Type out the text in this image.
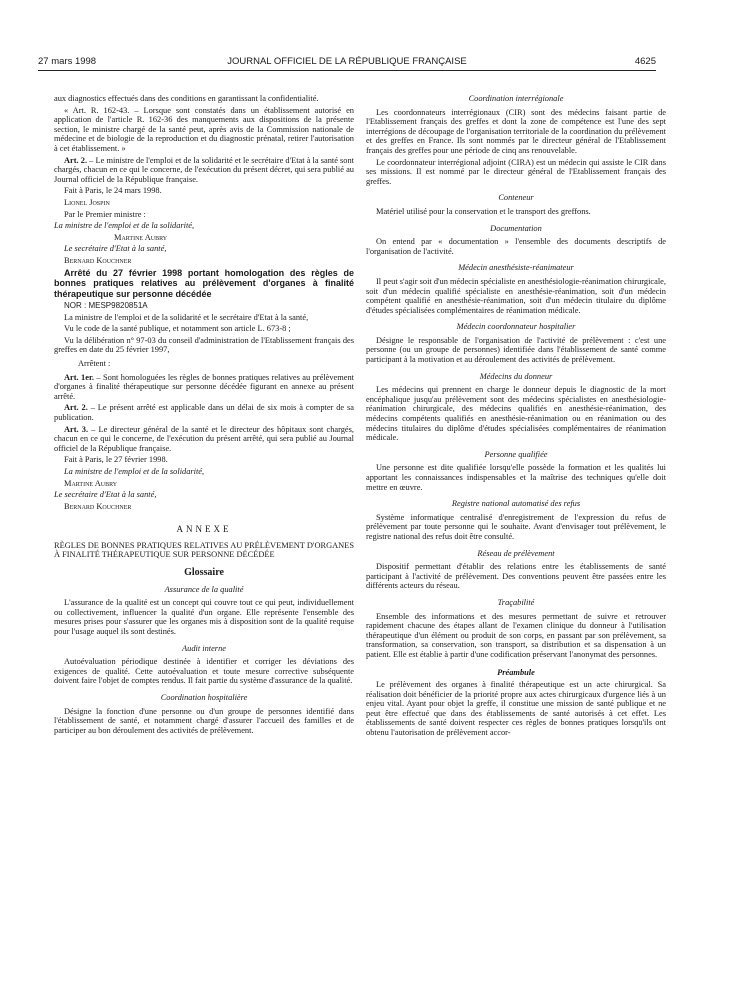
27 mars 1998	JOURNAL OFFICIEL DE LA RÉPUBLIQUE FRANÇAISE	4625

aux diagnostics effectués dans des conditions en garantissant la confidentialité.

« Art. R. 162-43. – Lorsque sont constatés dans un établissement autorisé en application de l'article R. 162-36 des manquements aux dispositions de la présente section, le ministre chargé de la santé peut, après avis de la Commission nationale de médecine et de biologie de la reproduction et du diagnostic prénatal, retirer l'autorisation à cet établissement. »

Art. 2. – Le ministre de l'emploi et de la solidarité et le secrétaire d'Etat à la santé sont chargés, chacun en ce qui le concerne, de l'exécution du présent décret, qui sera publié au Journal officiel de la République française.

Fait à Paris, le 24 mars 1998.

Lionel Jospin

Par le Premier ministre :

La ministre de l'emploi et de la solidarité,

Martine Aubry

Le secrétaire d'Etat à la santé,

Bernard Kouchner

Arrêté du 27 février 1998 portant homologation des règles de bonnes pratiques relatives au prélèvement d'organes à finalité thérapeutique sur personne décédée

NOR : MESP9820851A

La ministre de l'emploi et de la solidarité et le secrétaire d'Etat à la santé,

Vu le code de la santé publique, et notamment son article L. 673-8 ;

Vu la délibération n° 97-03 du conseil d'administration de l'Etablissement français des greffes en date du 25 février 1997,

Arrêtent :

Art. 1er. – Sont homologuées les règles de bonnes pratiques relatives au prélèvement d'organes à finalité thérapeutique sur personne décédée figurant en annexe au présent arrêté.

Art. 2. – Le présent arrêté est applicable dans un délai de six mois à compter de sa publication.

Art. 3. – Le directeur général de la santé et le directeur des hôpitaux sont chargés, chacun en ce qui le concerne, de l'exécution du présent arrêté, qui sera publié au Journal officiel de la République française.

Fait à Paris, le 27 février 1998.

La ministre de l'emploi et de la solidarité,

Martine Aubry

Le secrétaire d'Etat à la santé,

Bernard Kouchner

ANNEXE
RÈGLES DE BONNES PRATIQUES RELATIVES AU PRÉLÈVEMENT D'ORGANES À FINALITÉ THÉRAPEUTIQUE SUR PERSONNE DÉCÉDÉE
Glossaire
Assurance de la qualité

L'assurance de la qualité est un concept qui couvre tout ce qui peut, individuellement ou collectivement, influencer la qualité d'un organe. Elle représente l'ensemble des mesures prises pour s'assurer que les organes mis à disposition sont de la qualité requise pour l'usage auquel ils sont destinés.

Audit interne

Autoévaluation périodique destinée à identifier et corriger les déviations des exigences de qualité. Cette autoévaluation et toute mesure corrective subséquente doivent faire l'objet de comptes rendus. Il fait partie du système d'assurance de la qualité.

Coordination hospitalière

Désigne la fonction d'une personne ou d'un groupe de personnes identifié dans l'établissement de santé, et notamment chargé d'assurer l'accueil des familles et de participer au bon déroulement des activités de prélèvement.

Coordination interrégionale

Les coordonnateurs interrégionaux (CIR) sont des médecins faisant partie de l'Etablissement français des greffes et dont la zone de compétence est l'une des sept interrégions de découpage de l'organisation territoriale de la coordination du prélèvement et des greffes en France. Ils sont nommés par le directeur général de l'Etablissement français des greffes pour une période de cinq ans renouvelable.

Le coordonnateur interrégional adjoint (CIRA) est un médecin qui assiste le CIR dans ses missions. Il est nommé par le directeur général de l'Etablissement français des greffes.

Conteneur

Matériel utilisé pour la conservation et le transport des greffons.

Documentation

On entend par « documentation » l'ensemble des documents descriptifs de l'organisation de l'activité.

Médecin anesthésiste-réanimateur

Il peut s'agir soit d'un médecin spécialiste en anesthésiologie-réanimation chirurgicale, soit d'un médecin qualifié spécialiste en anesthésie-réanimation, soit d'un médecin compétent qualifié en anesthésie-réanimation, soit d'un médecin titulaire du diplôme d'études spécialisées complémentaires de réanimation médicale.

Médecin coordonnateur hospitalier

Désigne le responsable de l'organisation de l'activité de prélèvement : c'est une personne (ou un groupe de personnes) identifiée dans l'établissement de santé comme participant à la motivation et au déroulement des activités de prélèvement.

Médecins du donneur

Les médecins qui prennent en charge le donneur depuis le diagnostic de la mort encéphalique jusqu'au prélèvement sont des médecins spécialistes en anesthésiologie-réanimation chirurgicale, des médecins qualifiés en anesthésie-réanimation, des médecins compétents qualifiés en anesthésie-réanimation ou en réanimation ou des médecins titulaires du diplôme d'études spécialisées complémentaires de réanimation médicale.

Personne qualifiée

Une personne est dite qualifiée lorsqu'elle possède la formation et les qualités lui apportant les connaissances indispensables et la maîtrise des techniques qu'elle doit mettre en œuvre.

Registre national automatisé des refus

Système informatique centralisé d'enregistrement de l'expression du refus de prélèvement par toute personne qui le souhaite. Avant d'envisager tout prélèvement, le registre national des refus doit être consulté.

Réseau de prélèvement

Dispositif permettant d'établir des relations entre les établissements de santé participant à l'activité de prélèvement. Des conventions peuvent être passées entre les différents acteurs du réseau.

Traçabilité

Ensemble des informations et des mesures permettant de suivre et retrouver rapidement chacune des étapes allant de l'examen clinique du donneur à l'utilisation thérapeutique d'un élément ou produit de son corps, en passant par son prélèvement, sa transformation, sa conservation, son transport, sa distribution et sa dispensation à un patient. Elle est établie à partir d'une codification préservant l'anonymat des personnes.

Préambule

Le prélèvement des organes à finalité thérapeutique est un acte chirurgical. Sa réalisation doit bénéficier de la priorité propre aux actes chirurgicaux d'urgence liés à un enjeu vital. Ayant pour objet la greffe, il constitue une mission de santé publique et ne peut être effectué que dans des établissements de santé autorisés à cet effet. Les établissements de santé doivent respecter ces règles de bonnes pratiques lorsqu'ils ont obtenu l'autorisation de prélèvement accor-
